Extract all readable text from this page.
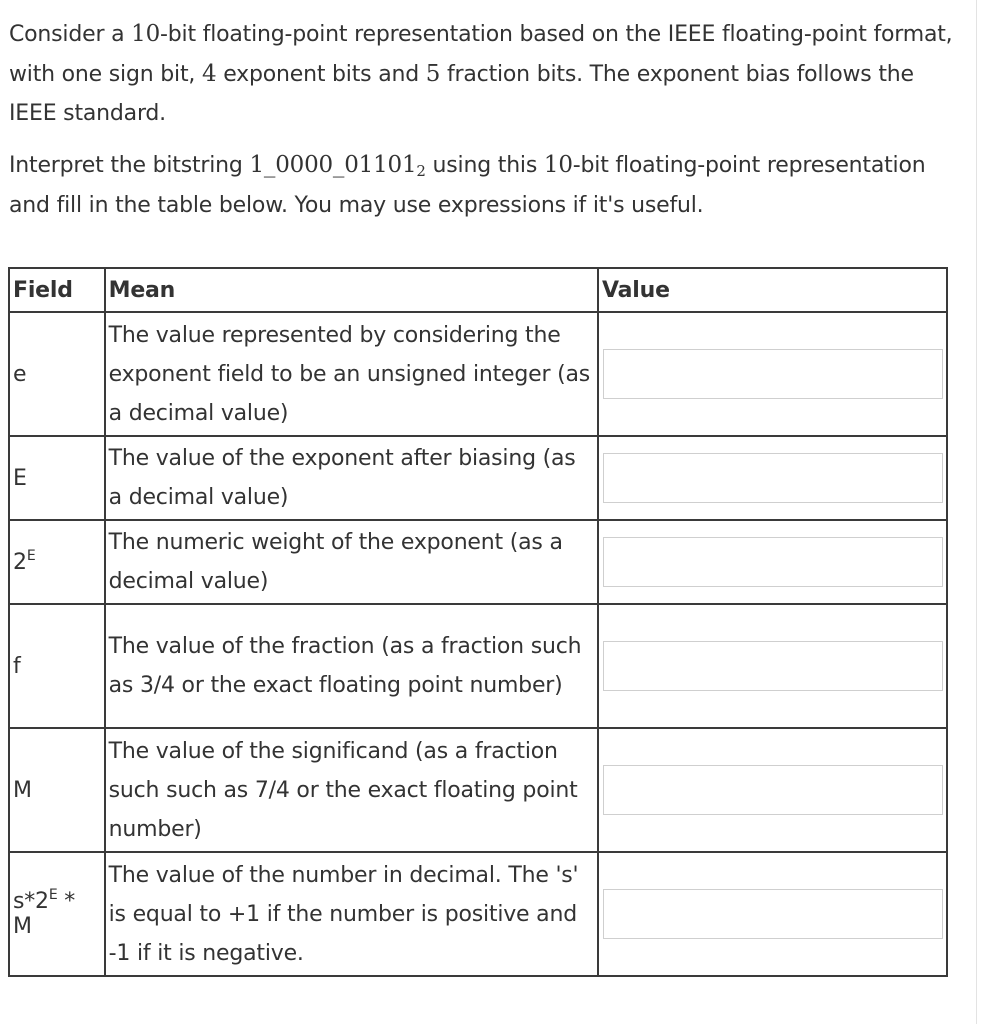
Consider a 10-bit floating-point representation based on the IEEE floating-point format, with one sign bit, 4 exponent bits and 5 fraction bits. The exponent bias follows the IEEE standard.

Interpret the bitstring $1\_0000\_01101_2$ using this 10-bit floating-point representation and fill in the table below. You may use expressions if it's useful.

Field	Mean	Value
e	The value represented by considering the exponent field to be an unsigned integer (as a decimal value)	

E	The value of the exponent after biasing (as a decimal value)	

$2^E$	The numeric weight of the exponent (as a decimal value)	

f	The value of the fraction (as a fraction such as 3/4 or the exact floating point number)	

M	The value of the significand (as a fraction such such as 7/4 or the exact floating point number)	

$s*2^E$ * M	The value of the number in decimal. The 's' is equal to +1 if the number is positive and -1 if it is negative.	
